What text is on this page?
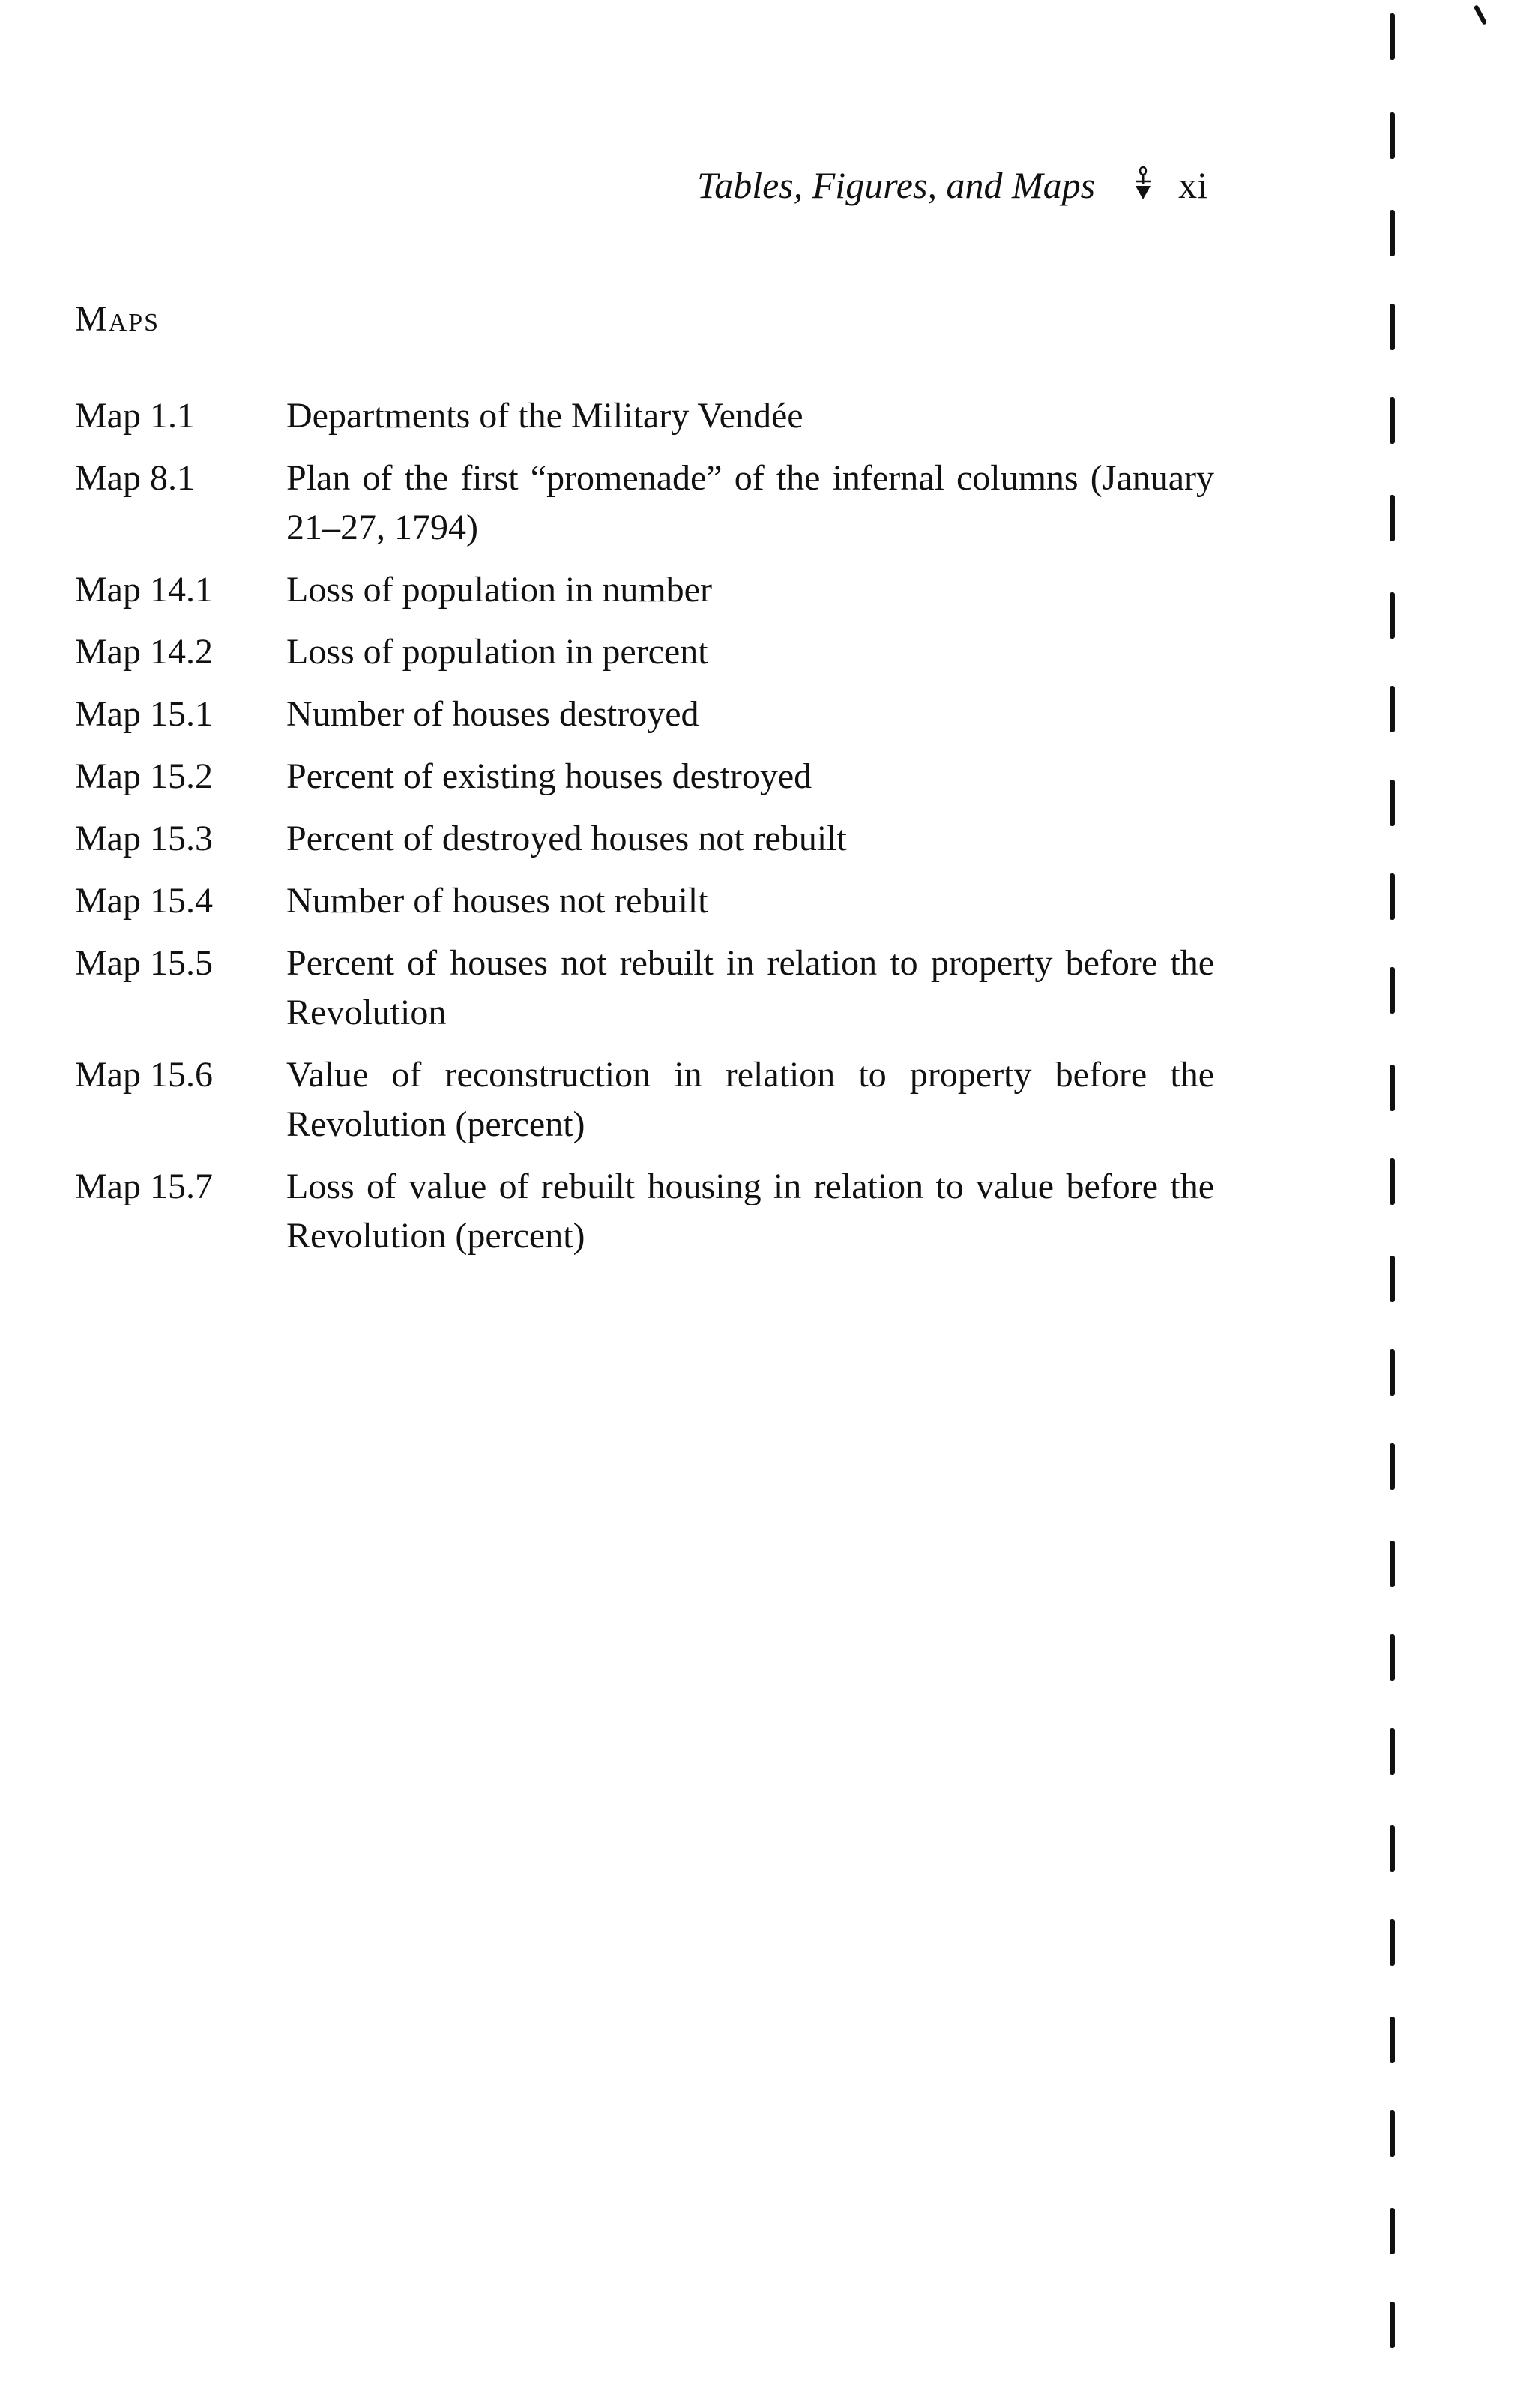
Tables, Figures, and Maps xi
Maps
Map 1.1	Departments of the Military Vendée
Map 8.1	Plan of the first “promenade” of the infernal columns (January 21–27, 1794)
Map 14.1	Loss of population in number
Map 14.2	Loss of population in percent
Map 15.1	Number of houses destroyed
Map 15.2	Percent of existing houses destroyed
Map 15.3	Percent of destroyed houses not rebuilt
Map 15.4	Number of houses not rebuilt
Map 15.5	Percent of houses not rebuilt in relation to property before the Revolution
Map 15.6	Value of reconstruction in relation to property before the Revolution (percent)
Map 15.7	Loss of value of rebuilt housing in relation to value before the Revolution (percent)
